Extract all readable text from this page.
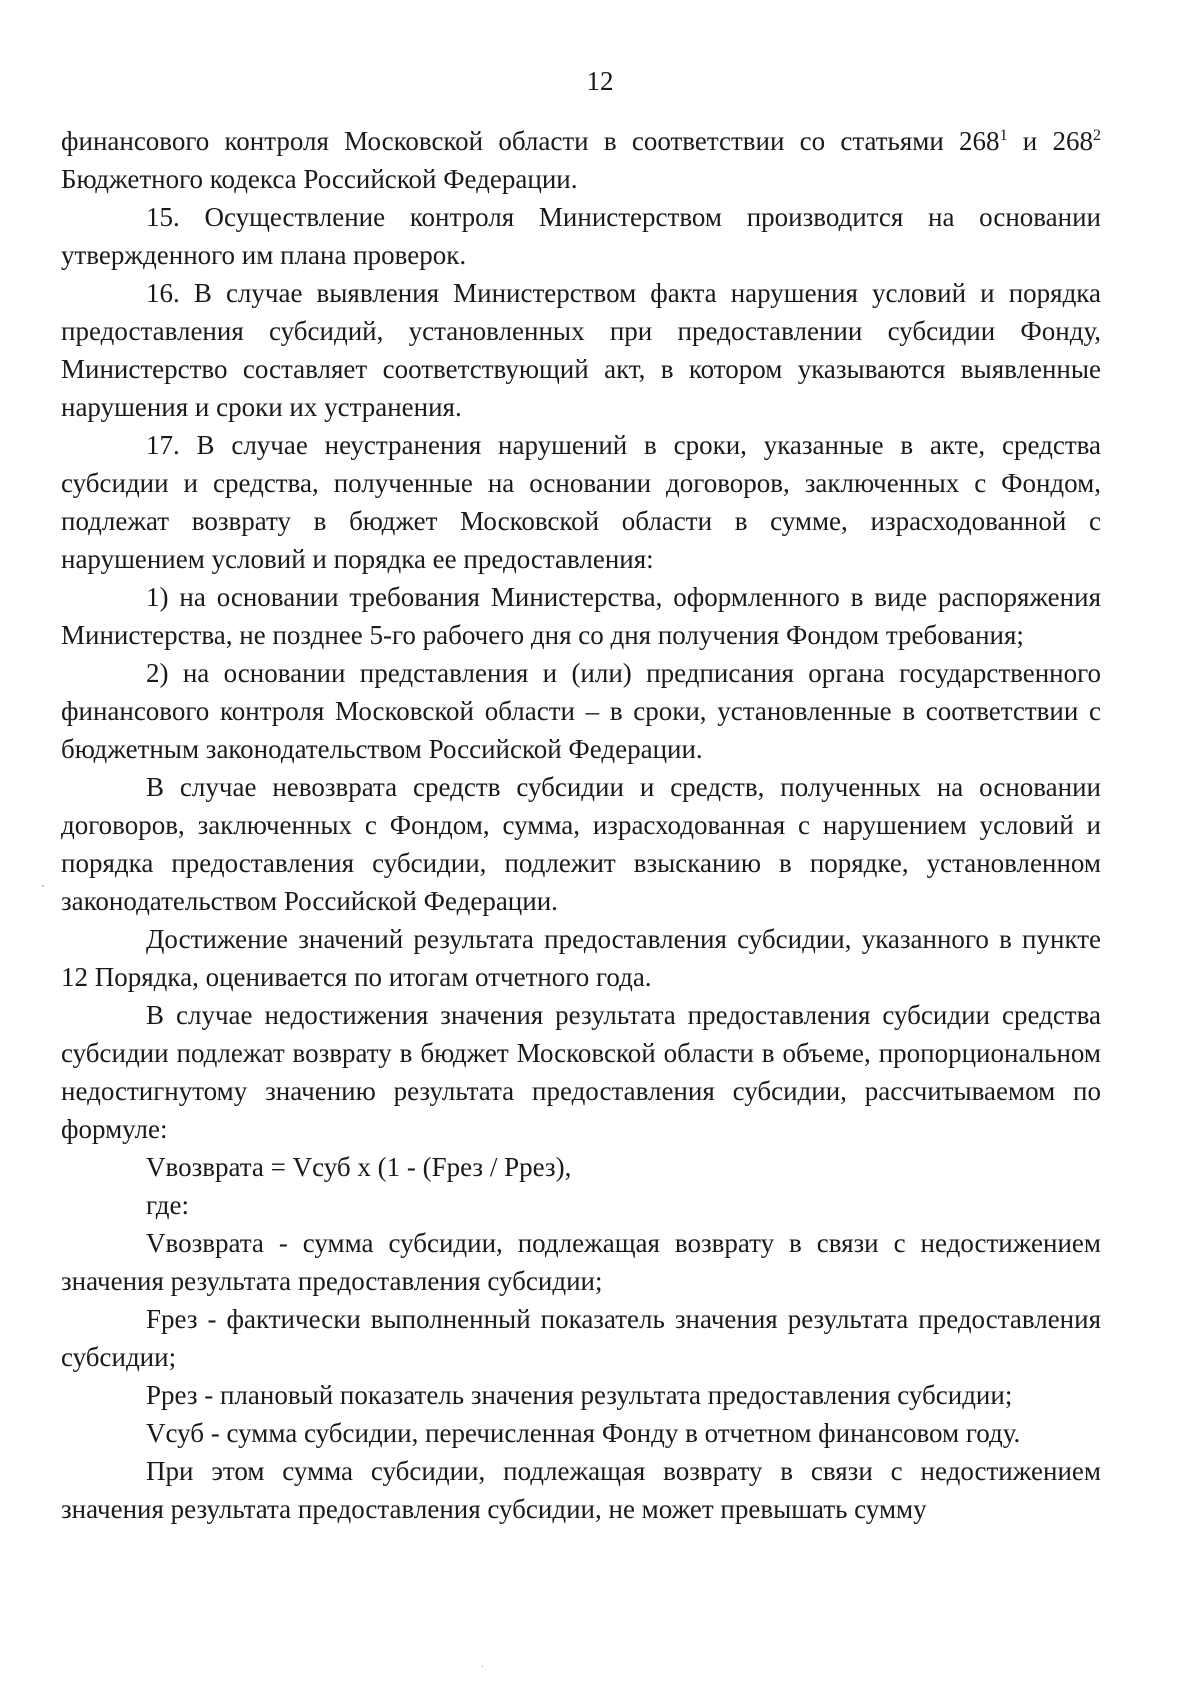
12

финансового контроля Московской области в соответствии со статьями $268^1$ и $268^2$ Бюджетного кодекса Российской Федерации.

15. Осуществление контроля Министерством производится на основании утвержденного им плана проверок.

16. В случае выявления Министерством факта нарушения условий и порядка предоставления субсидий, установленных при предоставлении субсидии Фонду, Министерство составляет соответствующий акт, в котором указываются выявленные нарушения и сроки их устранения.

17. В случае неустранения нарушений в сроки, указанные в акте, средства субсидии и средства, полученные на основании договоров, заключенных с Фондом, подлежат возврату в бюджет Московской области в сумме, израсходованной с нарушением условий и порядка ее предоставления:

1) на основании требования Министерства, оформленного в виде распоряжения Министерства, не позднее 5-го рабочего дня со дня получения Фондом требования;

2) на основании представления и (или) предписания органа государственного финансового контроля Московской области – в сроки, установленные в соответствии с бюджетным законодательством Российской Федерации.

В случае невозврата средств субсидии и средств, полученных на основании договоров, заключенных с Фондом, сумма, израсходованная с нарушением условий и порядка предоставления субсидии, подлежит взысканию в порядке, установленном законодательством Российской Федерации.

Достижение значений результата предоставления субсидии, указанного в пункте 12 Порядка, оценивается по итогам отчетного года.

В случае недостижения значения результата предоставления субсидии средства субсидии подлежат возврату в бюджет Московской области в объеме, пропорциональном недостигнутому значению результата предоставления субсидии, рассчитываемом по формуле:

Vвозврата = Vсуб x (1 - (Fрез / Pрез),

где:

Vвозврата - сумма субсидии, подлежащая возврату в связи с недостижением значения результата предоставления субсидии;

Fрез - фактически выполненный показатель значения результата предоставления субсидии;

Pрез - плановый показатель значения результата предоставления субсидии;

Vсуб - сумма субсидии, перечисленная Фонду в отчетном финансовом году.

При этом сумма субсидии, подлежащая возврату в связи с недостижением значения результата предоставления субсидии, не может превышать сумму
